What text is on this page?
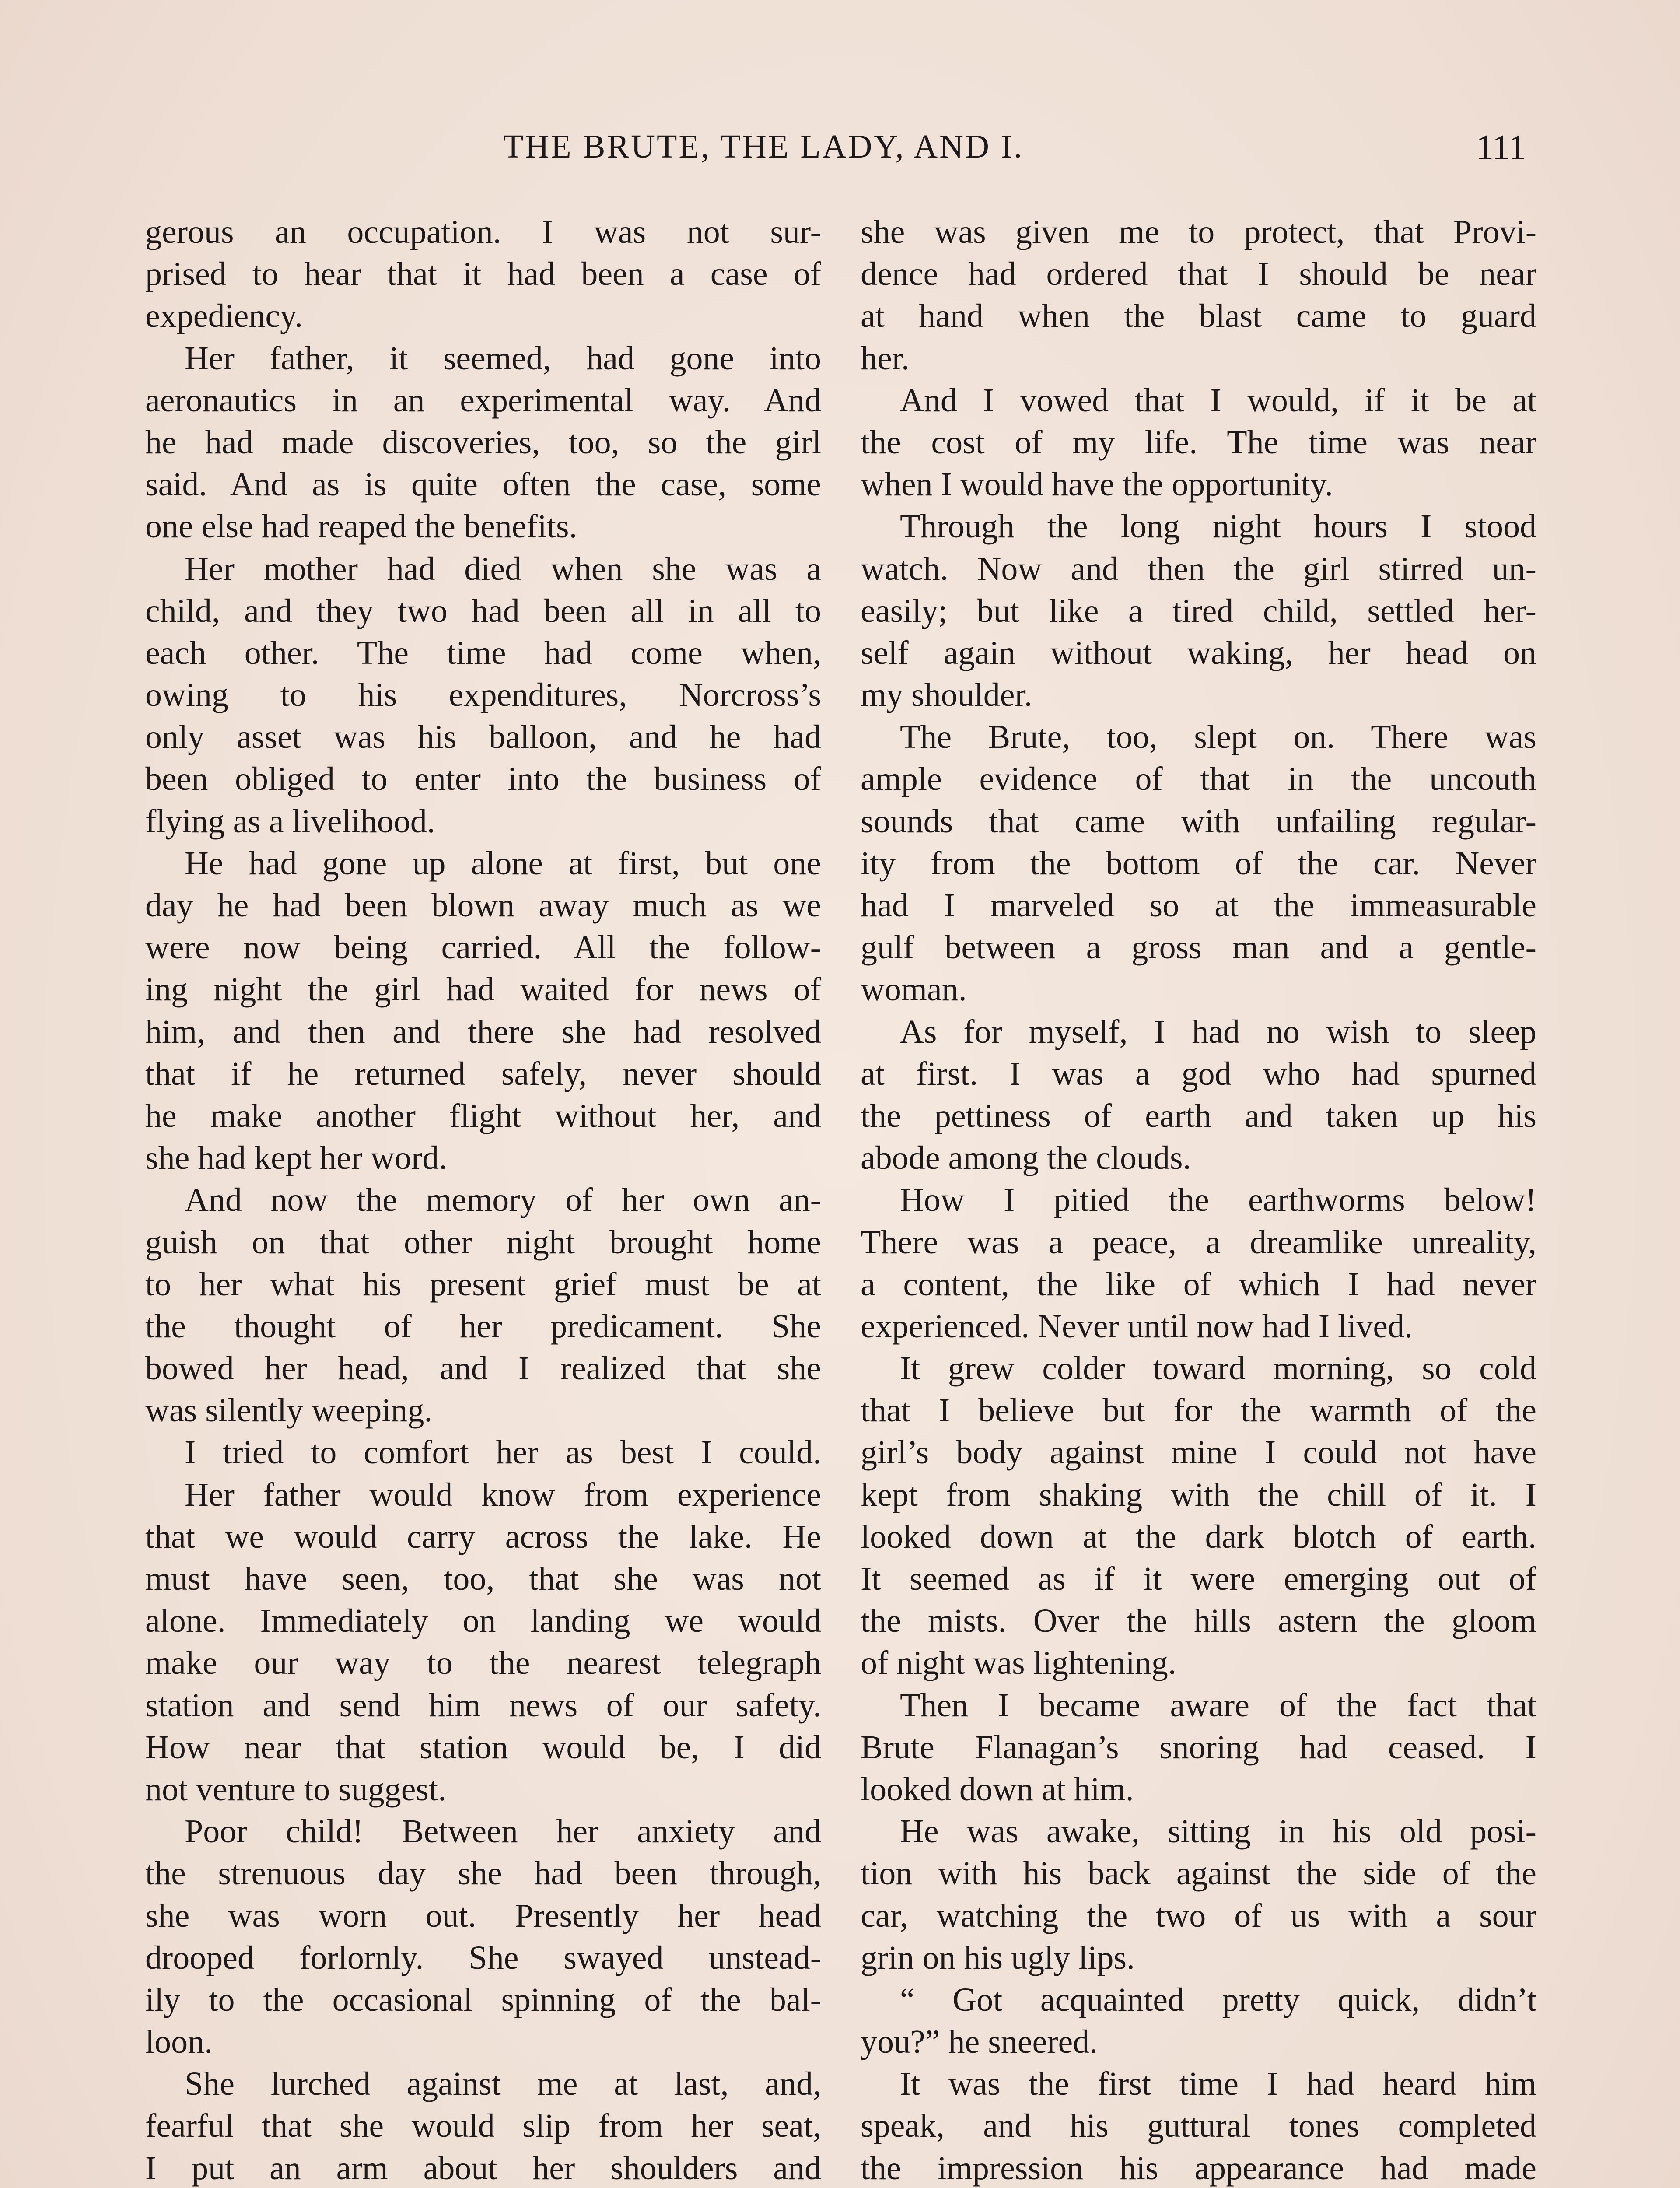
THE BRUTE, THE LADY, AND I.	111
gerous an occupation. I was not sur-
prised to hear that it had been a case of
expediency.
Her father, it seemed, had gone into
aeronautics in an experimental way. And
he had made discoveries, too, so the girl
said. And as is quite often the case, some
one else had reaped the benefits.
Her mother had died when she was a
child, and they two had been all in all to
each other. The time had come when,
owing to his expenditures, Norcross’s
only asset was his balloon, and he had
been obliged to enter into the business of
flying as a livelihood.
He had gone up alone at first, but one
day he had been blown away much as we
were now being carried. All the follow-
ing night the girl had waited for news of
him, and then and there she had resolved
that if he returned safely, never should
he make another flight without her, and
she had kept her word.
And now the memory of her own an-
guish on that other night brought home
to her what his present grief must be at
the thought of her predicament. She
bowed her head, and I realized that she
was silently weeping.
I tried to comfort her as best I could.
Her father would know from experience
that we would carry across the lake. He
must have seen, too, that she was not
alone. Immediately on landing we would
make our way to the nearest telegraph
station and send him news of our safety.
How near that station would be, I did
not venture to suggest.
Poor child! Between her anxiety and
the strenuous day she had been through,
she was worn out. Presently her head
drooped forlornly. She swayed unstead-
ily to the occasional spinning of the bal-
loon.
She lurched against me at last, and,
fearful that she would slip from her seat,
I put an arm about her shoulders and
she was given me to protect, that Provi-
dence had ordered that I should be near
at hand when the blast came to guard
her.
And I vowed that I would, if it be at
the cost of my life. The time was near
when I would have the opportunity.
Through the long night hours I stood
watch. Now and then the girl stirred un-
easily; but like a tired child, settled her-
self again without waking, her head on
my shoulder.
The Brute, too, slept on. There was
ample evidence of that in the uncouth
sounds that came with unfailing regular-
ity from the bottom of the car. Never
had I marveled so at the immeasurable
gulf between a gross man and a gentle-
woman.
As for myself, I had no wish to sleep
at first. I was a god who had spurned
the pettiness of earth and taken up his
abode among the clouds.
How I pitied the earthworms below!
There was a peace, a dreamlike unreality,
a content, the like of which I had never
experienced. Never until now had I lived.
It grew colder toward morning, so cold
that I believe but for the warmth of the
girl’s body against mine I could not have
kept from shaking with the chill of it. I
looked down at the dark blotch of earth.
It seemed as if it were emerging out of
the mists. Over the hills astern the gloom
of night was lightening.
Then I became aware of the fact that
Brute Flanagan’s snoring had ceased. I
looked down at him.
He was awake, sitting in his old posi-
tion with his back against the side of the
car, watching the two of us with a sour
grin on his ugly lips.
“ Got acquainted pretty quick, didn’t
you?” he sneered.
It was the first time I had heard him
speak, and his guttural tones completed
the impression his appearance had made
